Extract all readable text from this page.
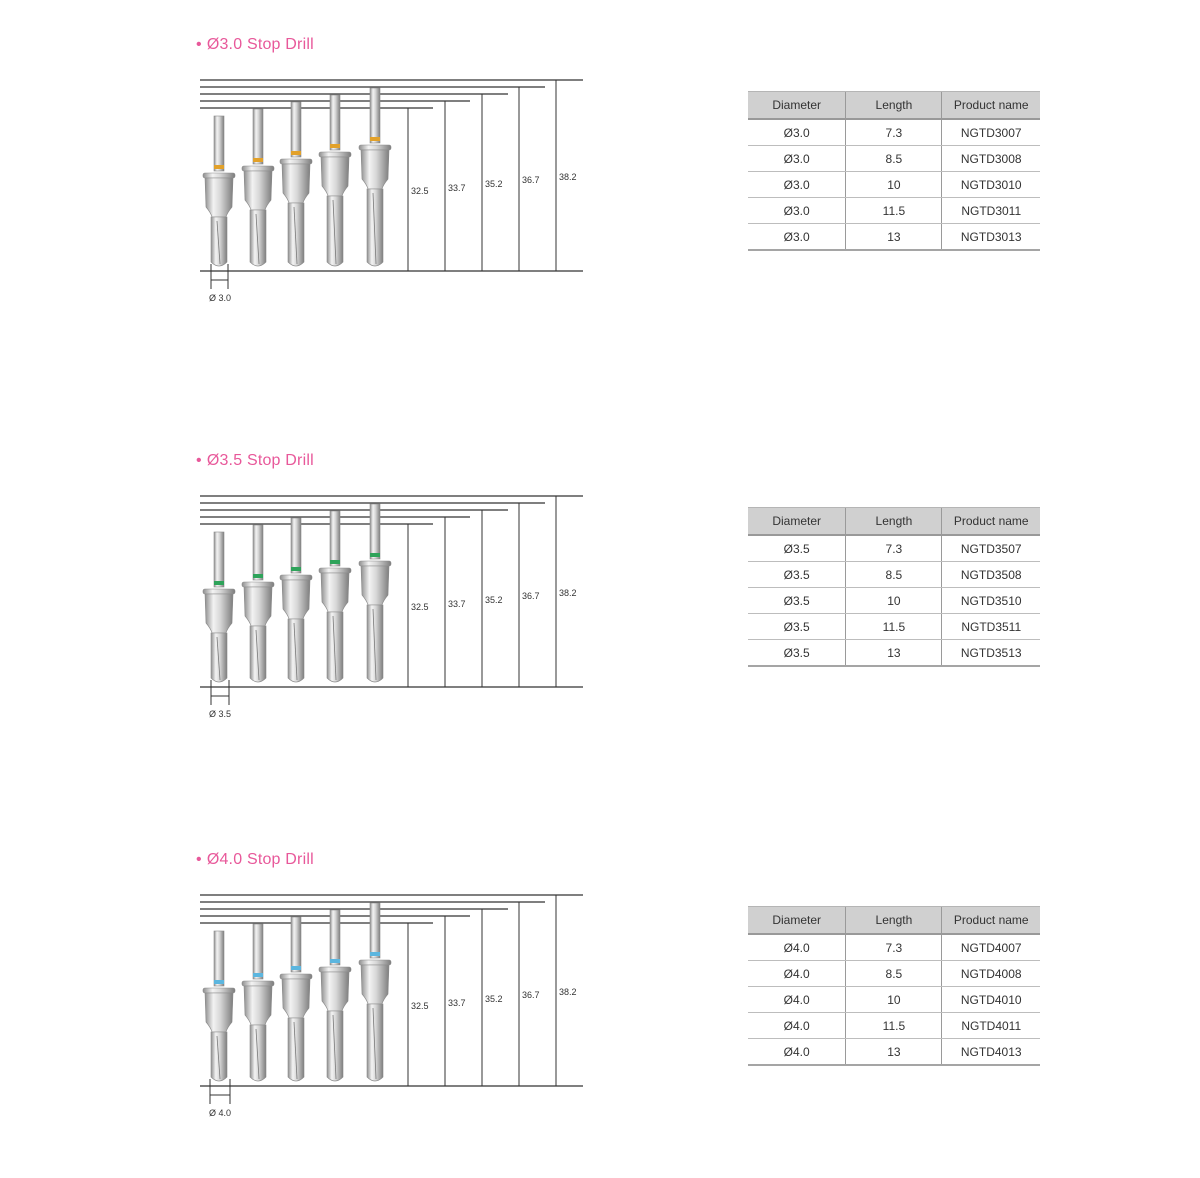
• Ø3.0 Stop Drill
32.5 33.7 35.2 36.7 38.2
Ø 3.0
Diameter	Length	Product name
Ø3.0	7.3	NGTD3007
Ø3.0	8.5	NGTD3008
Ø3.0	10	NGTD3010
Ø3.0	11.5	NGTD3011
Ø3.0	13	NGTD3013
• Ø3.5 Stop Drill
32.5 33.7 35.2 36.7 38.2
Ø 3.5
Diameter	Length	Product name
Ø3.5	7.3	NGTD3507
Ø3.5	8.5	NGTD3508
Ø3.5	10	NGTD3510
Ø3.5	11.5	NGTD3511
Ø3.5	13	NGTD3513
• Ø4.0 Stop Drill
32.5 33.7 35.2 36.7 38.2
Ø 4.0
Diameter	Length	Product name
Ø4.0	7.3	NGTD4007
Ø4.0	8.5	NGTD4008
Ø4.0	10	NGTD4010
Ø4.0	11.5	NGTD4011
Ø4.0	13	NGTD4013
